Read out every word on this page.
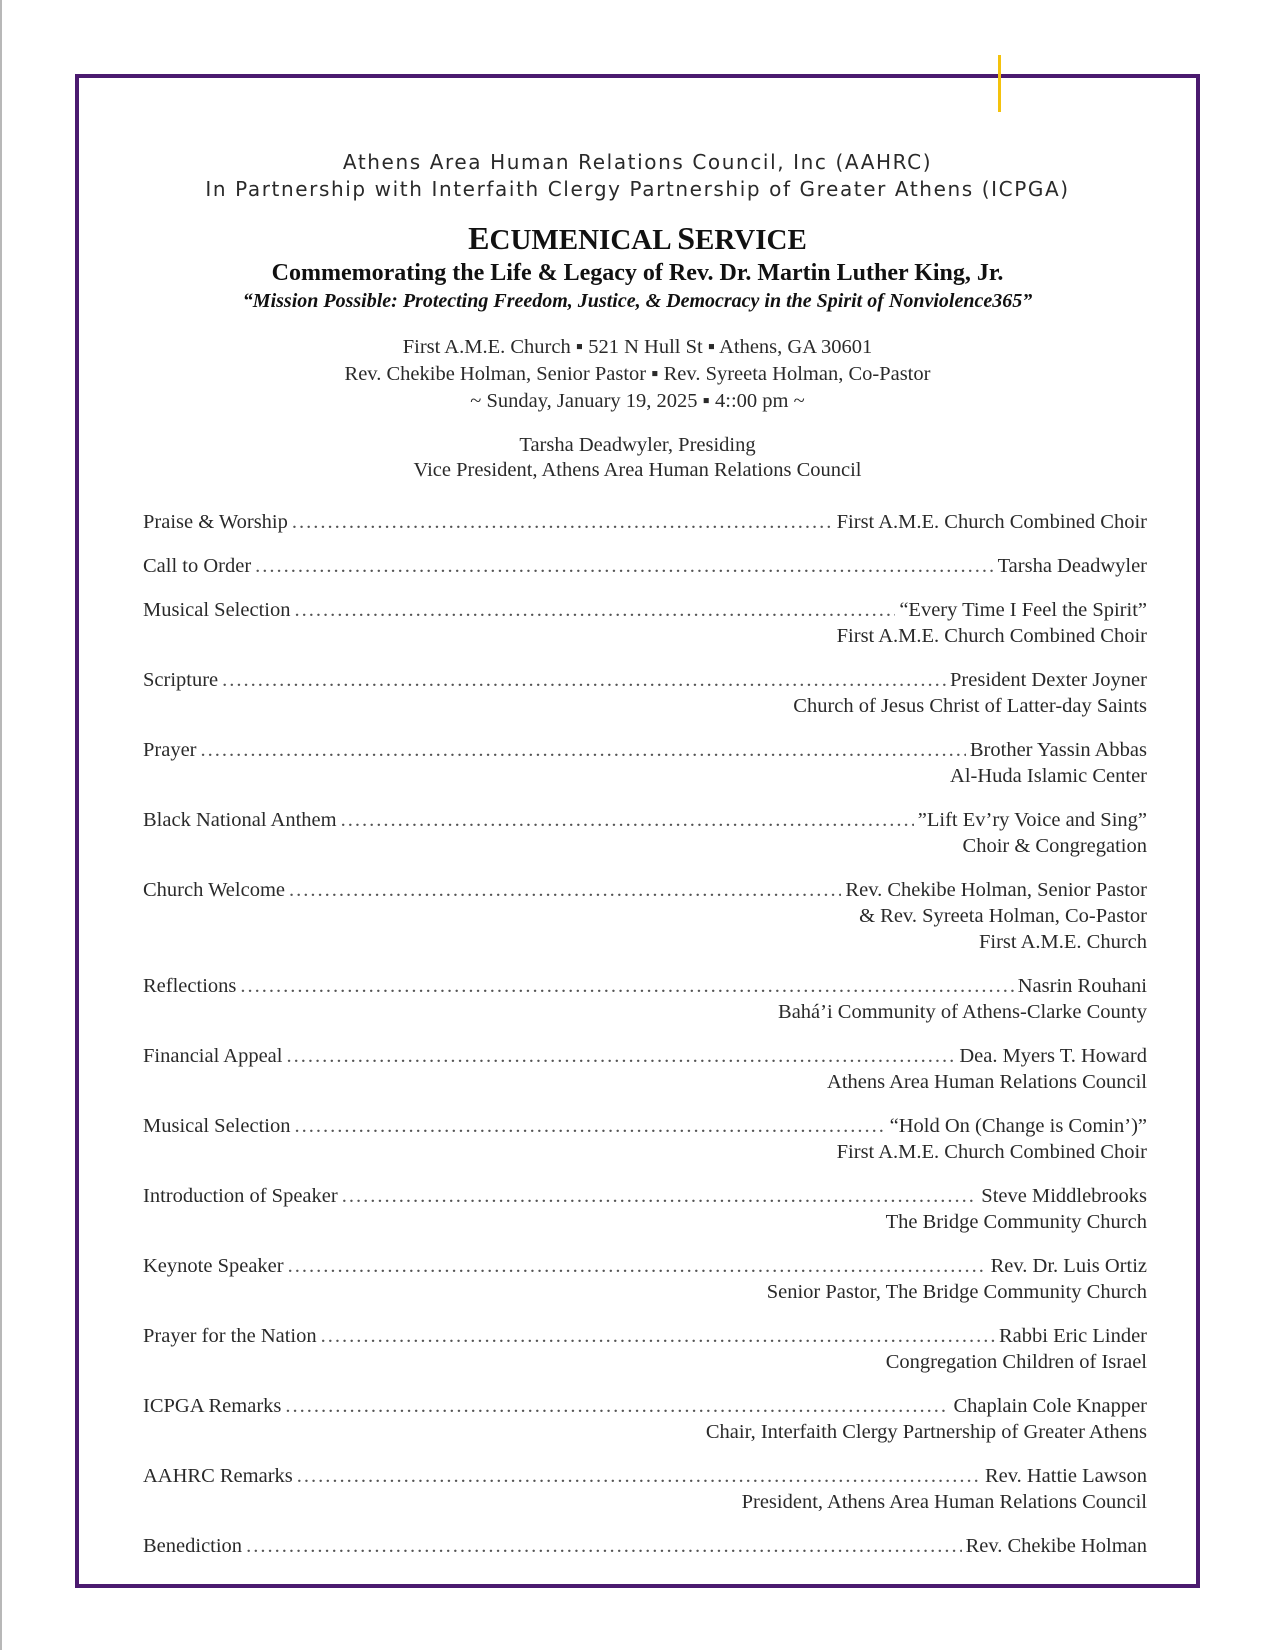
Athens Area Human Relations Council, Inc (AAHRC)
In Partnership with Interfaith Clergy Partnership of Greater Athens (ICPGA)
ECUMENICAL SERVICE
Commemorating the Life & Legacy of Rev. Dr. Martin Luther King, Jr.
“Mission Possible: Protecting Freedom, Justice, & Democracy in the Spirit of Nonviolence365”
First A.M.E. Church ▪ 521 N Hull St ▪ Athens, GA 30601
Rev. Chekibe Holman, Senior Pastor ▪ Rev. Syreeta Holman, Co-Pastor
~ Sunday, January 19, 2025 ▪ 4::00 pm ~
Tarsha Deadwyler, Presiding
Vice President, Athens Area Human Relations Council
Praise & Worship .....	First A.M.E. Church Combined Choir
Call to Order .....	Tarsha Deadwyler
Musical Selection .....	“Every Time I Feel the Spirit”
First A.M.E. Church Combined Choir
Scripture .....	President Dexter Joyner
Church of Jesus Christ of Latter-day Saints
Prayer .....	Brother Yassin Abbas
Al-Huda Islamic Center
Black National Anthem .....	”Lift Ev’ry Voice and Sing”
Choir & Congregation
Church Welcome .....	Rev. Chekibe Holman, Senior Pastor
& Rev. Syreeta Holman, Co-Pastor
First A.M.E. Church
Reflections .....	Nasrin Rouhani
Bahá’i Community of Athens-Clarke County
Financial Appeal .....	Dea. Myers T. Howard
Athens Area Human Relations Council
Musical Selection .....	“Hold On (Change is Comin’)”
First A.M.E. Church Combined Choir
Introduction of Speaker .....	Steve Middlebrooks
The Bridge Community Church
Keynote Speaker .....	Rev. Dr. Luis Ortiz
Senior Pastor, The Bridge Community Church
Prayer for the Nation .....	Rabbi Eric Linder
Congregation Children of Israel
ICPGA Remarks .....	Chaplain Cole Knapper
Chair, Interfaith Clergy Partnership of Greater Athens
AAHRC Remarks .....	Rev. Hattie Lawson
President, Athens Area Human Relations Council
Benediction .....	Rev. Chekibe Holman
